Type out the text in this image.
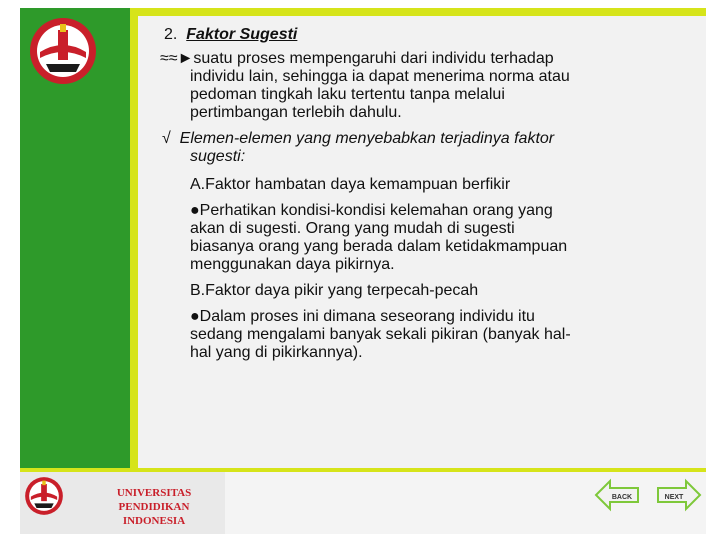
2. Faktor Sugesti
≈≈►suatu proses mempengaruhi dari individu terhadap
individu lain, sehingga ia dapat menerima norma atau
pedoman tingkah laku tertentu tanpa melalui
pertimbangan terlebih dahulu.
√ Elemen-elemen yang menyebabkan terjadinya faktor
sugesti:
A.Faktor hambatan daya kemampuan berfikir
●Perhatikan kondisi-kondisi kelemahan orang yang
akan di sugesti. Orang yang mudah di sugesti
biasanya orang yang berada dalam ketidakmampuan
menggunakan daya pikirnya.
B.Faktor daya pikir yang terpecah-pecah
●Dalam proses ini dimana seseorang individu itu
sedang mengalami banyak sekali pikiran (banyak hal-
hal yang di pikirkannya).
UNIVERSITAS PENDIDIKAN
INDONESIA
BACK	NEXT
